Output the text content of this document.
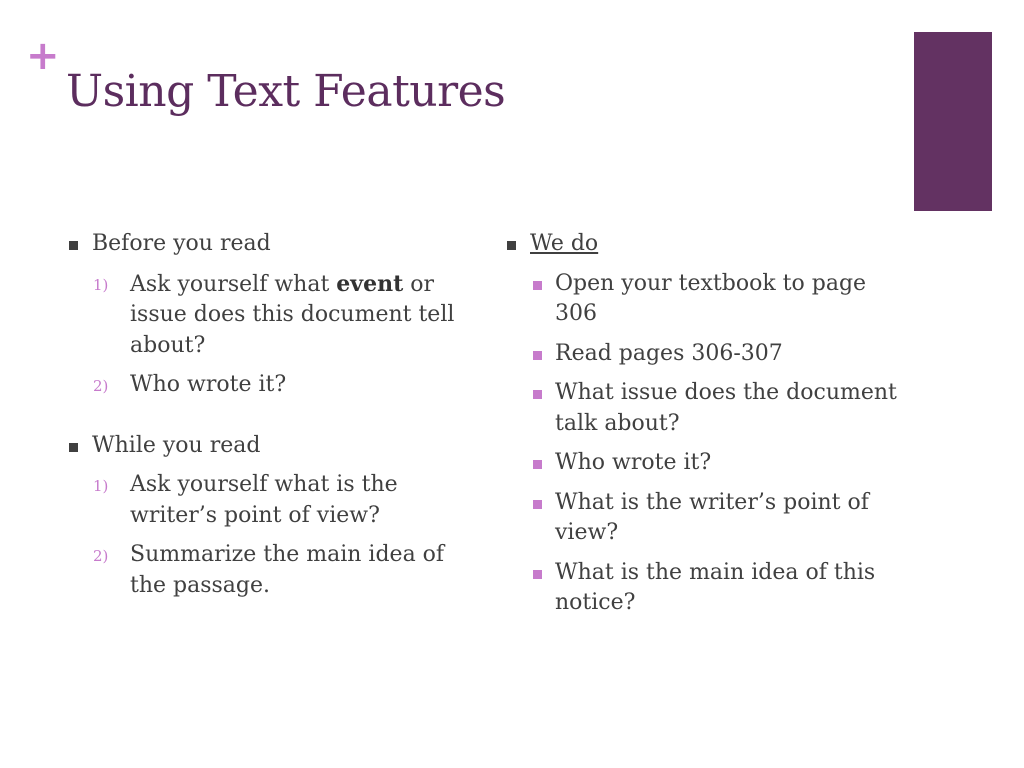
+
Using Text Features
Before you read
1) Ask yourself what event or issue does this document tell about?
2) Who wrote it?
While you read
1) Ask yourself what is the writer’s point of view?
2) Summarize the main idea of the passage.
We do
Open your textbook to page 306
Read pages 306-307
What issue does the document talk about?
Who wrote it?
What is the writer’s point of view?
What is the main idea of this notice?
